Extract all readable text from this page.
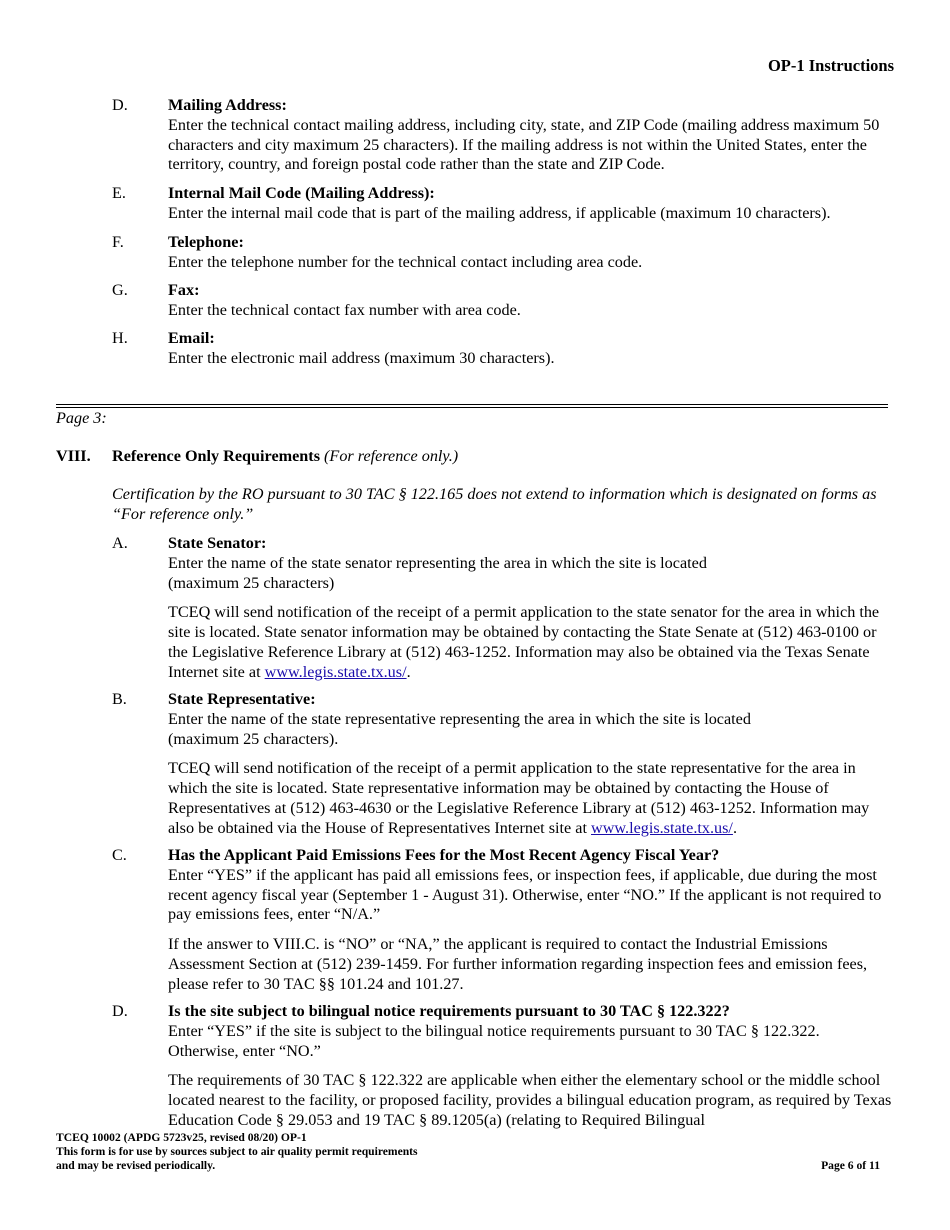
OP-1 Instructions
D. Mailing Address:
Enter the technical contact mailing address, including city, state, and ZIP Code (mailing address maximum 50 characters and city maximum 25 characters). If the mailing address is not within the United States, enter the territory, country, and foreign postal code rather than the state and ZIP Code.
E.	Internal Mail Code (Mailing Address):
Enter the internal mail code that is part of the mailing address, if applicable (maximum 10 characters).
F.	Telephone:
Enter the telephone number for the technical contact including area code.
G. Fax:
Enter the technical contact fax number with area code.
H. Email:
Enter the electronic mail address (maximum 30 characters).
Page 3:
VIII. Reference Only Requirements (For reference only.)
Certification by the RO pursuant to 30 TAC § 122.165 does not extend to information which is designated on forms as “For reference only.”
A. State Senator:
Enter the name of the state senator representing the area in which the site is located
(maximum 25 characters)
TCEQ will send notification of the receipt of a permit application to the state senator for the area in which the site is located. State senator information may be obtained by contacting the State Senate at (512) 463-0100 or the Legislative Reference Library at (512) 463-1252. Information may also be obtained via the Texas Senate Internet site at www.legis.state.tx.us/.
B.	State Representative:
Enter the name of the state representative representing the area in which the site is located
(maximum 25 characters).
TCEQ will send notification of the receipt of a permit application to the state representative for the area in which the site is located. State representative information may be obtained by contacting the House of Representatives at (512) 463-4630 or the Legislative Reference Library at (512) 463-1252. Information may also be obtained via the House of Representatives Internet site at www.legis.state.tx.us/.
C.	Has the Applicant Paid Emissions Fees for the Most Recent Agency Fiscal Year?
Enter “YES” if the applicant has paid all emissions fees, or inspection fees, if applicable, due during the most recent agency fiscal year (September 1 - August 31). Otherwise, enter “NO.” If the applicant is not required to pay emissions fees, enter “N/A.”
If the answer to VIII.C. is “NO” or “NA,” the applicant is required to contact the Industrial Emissions Assessment Section at (512) 239-1459. For further information regarding inspection fees and emission fees, please refer to 30 TAC §§ 101.24 and 101.27.
D. Is the site subject to bilingual notice requirements pursuant to 30 TAC § 122.322?
Enter “YES” if the site is subject to the bilingual notice requirements pursuant to 30 TAC § 122.322.
Otherwise, enter “NO.”
The requirements of 30 TAC § 122.322 are applicable when either the elementary school or the middle school located nearest to the facility, or proposed facility, provides a bilingual education program, as required by Texas Education Code § 29.053 and 19 TAC § 89.1205(a) (relating to Required Bilingual
TCEQ 10002 (APDG 5723v25, revised 08/20) OP-1
This form is for use by sources subject to air quality permit requirements
and may be revised periodically.	Page 6 of 11
